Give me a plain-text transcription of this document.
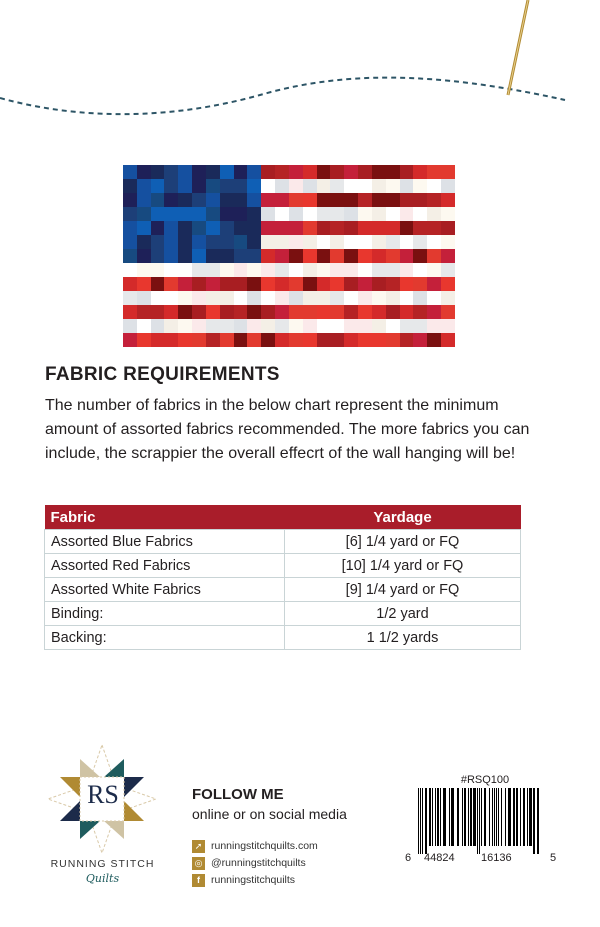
FABRIC REQUIREMENTS

The number of fabrics in the below chart represent the minimum amount of assorted fabrics recommended. The more fabrics you can include, the scrappier the overall effecrt of the wall hanging will be!

Fabric	Yardage
Assorted Blue Fabrics	[6] 1/4 yard or FQ
Assorted Red Fabrics	[10] 1/4 yard or FQ
Assorted White Fabrics	[9] 1/4 yard or FQ
Binding:	1/2 yard
Backing:	1 1/2 yards
RS
RUNNING STITCH
Quilts
FOLLOW ME
online or on social media
➚ runningstitchquilts.com
◎ @runningstitchquilts
f	runningstitchquilts
#RSQ100
6 44824 16136	5
